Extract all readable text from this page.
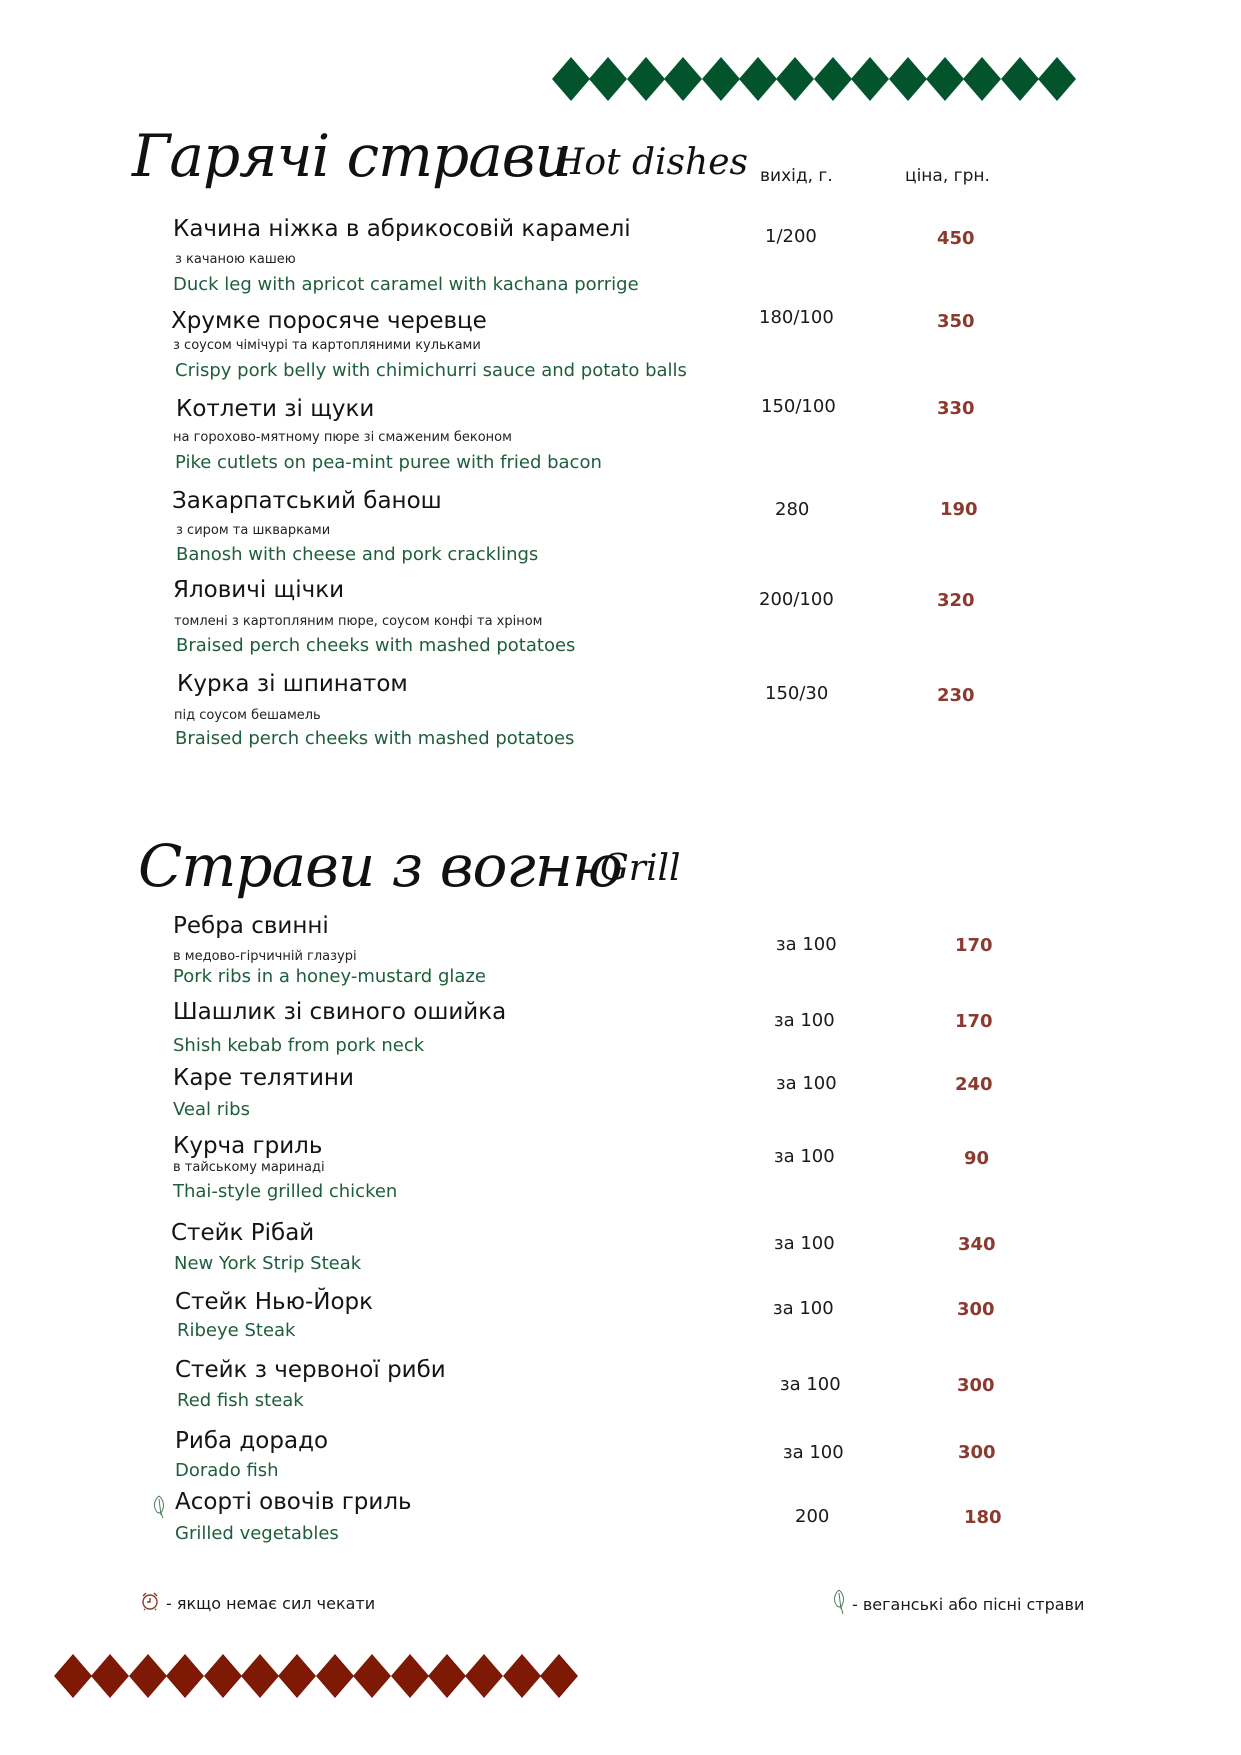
Гарячі страви
Hot dishes вихід, г.	ціна, грн.
Качина ніжка в абрикосовій карамелі
з качаною кашею
Duck leg with apricot caramel with kachana porrige
1/200	450
Хрумке поросяче черевце
з соусом чімічурі та картопляними кульками
Crispy pork belly with chimichurri sauce and potato balls
180/100	350
Котлети зі щуки
на горохово-мятному пюре зі смаженим беконом
Pike cutlets on pea-mint puree with fried bacon
150/100	330
Закарпатський банош
з сиром та шкварками
Banosh with cheese and pork cracklings
280	190
Яловичі щічки
томлені з картопляним пюре, соусом конфі та хріном
Braised perch cheeks with mashed potatoes
200/100	320
Курка зі шпинатом
під соусом бешамель
Braised perch cheeks with mashed potatoes
150/30	230
Страви з вогню
Grill
Ребра свинні
в медово-гірчичній глазурі
Pork ribs in a honey-mustard glaze
за 100	170
Шашлик зі свиного ошийка
Shish kebab from pork neck
за 100	170
Каре телятини
Veal ribs
за 100	240
Курча гриль
в тайському маринаді
Thai-style grilled chicken
за 100	90
Стейк Рібай
New York Strip Steak
за 100	340
Стейк Нью-Йорк
Ribeye Steak
за 100	300
Стейк з червоної риби
Red fish steak
за 100	300
Риба дорадо
Dorado fish
за 100	300
Асорті овочів гриль
Grilled vegetables
200	180
- якщо немає сил чекати	- веганські або пісні страви
